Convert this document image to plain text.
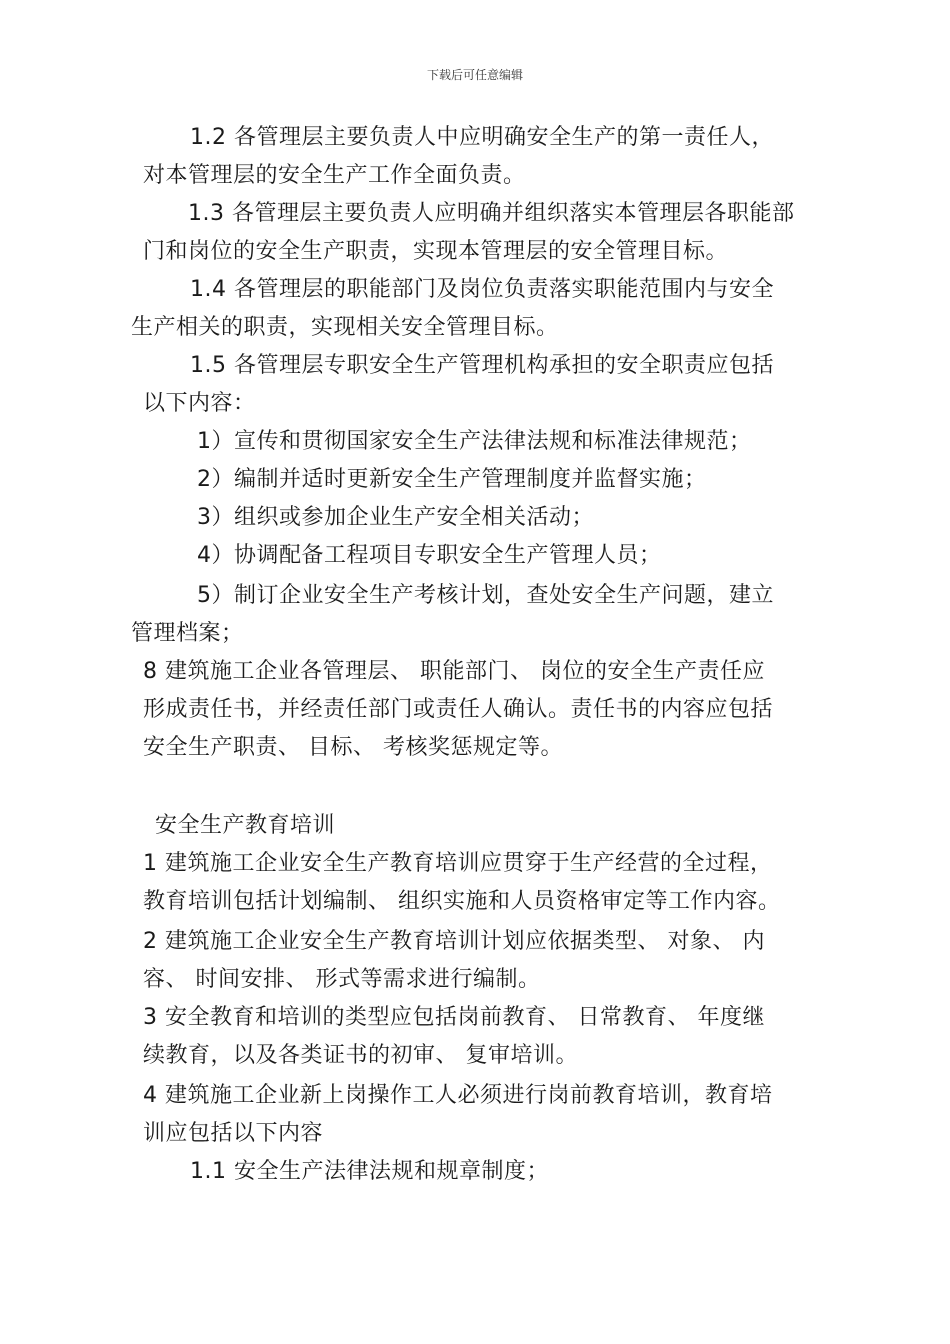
下载后可任意编辑
1.2 各管理层主要负责人中应明确安全生产的第一责任人，
对本管理层的安全生产工作全面负责。
1.3 各管理层主要负责人应明确并组织落实本管理层各职能部
门和岗位的安全生产职责，实现本管理层的安全管理目标。
1.4 各管理层的职能部门及岗位负责落实职能范围内与安全
生产相关的职责，实现相关安全管理目标。
1.5 各管理层专职安全生产管理机构承担的安全职责应包括
以下内容：
1）宣传和贯彻国家安全生产法律法规和标准法律规范；
2）编制并适时更新安全生产管理制度并监督实施；
3）组织或参加企业生产安全相关活动；
4）协调配备工程项目专职安全生产管理人员；
5）制订企业安全生产考核计划，查处安全生产问题，建立
管理档案；
8 建筑施工企业各管理层、 职能部门、 岗位的安全生产责任应
形成责任书，并经责任部门或责任人确认。责任书的内容应包括
安全生产职责、 目标、 考核奖惩规定等。
安全生产教育培训
1 建筑施工企业安全生产教育培训应贯穿于生产经营的全过程，
教育培训包括计划编制、 组织实施和人员资格审定等工作内容。
2 建筑施工企业安全生产教育培训计划应依据类型、 对象、 内
容、 时间安排、 形式等需求进行编制。
3 安全教育和培训的类型应包括岗前教育、 日常教育、 年度继
续教育，以及各类证书的初审、 复审培训。
4 建筑施工企业新上岗操作工人必须进行岗前教育培训，教育培
训应包括以下内容
1.1 安全生产法律法规和规章制度；
